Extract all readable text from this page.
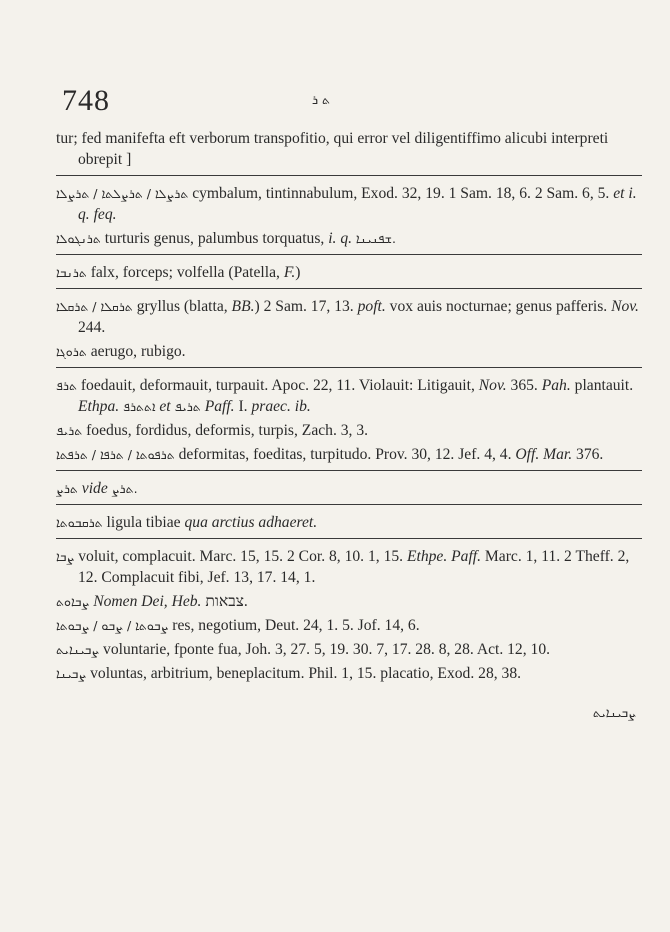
748	ܬ ܪ

tur; fed manifefta eft verborum transpofitio, qui error vel diligentiffimo alicubi interpreti obrepit ]

ܬܪܨܠܐ / ܬܪܨܠܬܐ / ܬܪܨܠܐ cymbalum, tintinnabulum, Exod. 32, 19. 1 Sam. 18, 6. 2 Sam. 6, 5. et i. q. feq.

ܬܪܢܓܘܠܐ turturis genus, palumbus torquatus, i. q. ܫܦܢܝܢܐ.

ܬܪܢܒܐ falx, forceps; volfella (Patella, F.)

ܬܪܩܠܐ / ܬܪܩܠܐ gryllus (blatta, BB.) 2 Sam. 17, 13. poft. vox auis nocturnae; genus pafferis. Nov. 244.

ܬܪܘܓܐ aerugo, rubigo.

ܬܪܦ foedauit, deformauit, turpauit. Apoc. 22, 11. Violauit: Litigauit, Nov. 365. Pah. plantauit. Ethpa. ܐܬܬܪܦ et ܬܪܝܦ Paff. I. praec. ib.

ܬܪܝܦ foedus, fordidus, deformis, turpis, Zach. 3, 3.

ܬܪܦܘܬܐ / ܬܪܦܐ / ܬܪܦܬܐ deformitas, foeditas, turpitudo. Prov. 30, 12. Jef. 4, 4. Off. Mar. 376.

ܬܪܨ vide ܬܪܨ.

ܬܪܩܒܘܬܐ ligula tibiae qua arctius adhaeret.

ܨܒܐ voluit, complacuit. Marc. 15, 15. 2 Cor. 8, 10. 1, 15. Ethpe. Paff. Marc. 1, 11. 2 Theff. 2, 12. Complacuit fibi, Jef. 13, 17. 14, 1.

ܨܒܐܘܬ Nomen Dei, Heb. צבאות.

ܨܒܘܬܐ / ܨܒܘ / ܨܒܘܬܐ res, negotium, Deut. 24, 1. 5. Jof. 14, 6.

ܨܒܝܢܐܝܬ voluntarie, fponte fua, Joh. 3, 27. 5, 19. 30. 7, 17. 28. 8, 28. Act. 12, 10.

ܨܒܝܢܐ voluntas, arbitrium, beneplacitum. Phil. 1, 15. placatio, Exod. 28, 38.

ܨܒܝܢܐܝܬ
